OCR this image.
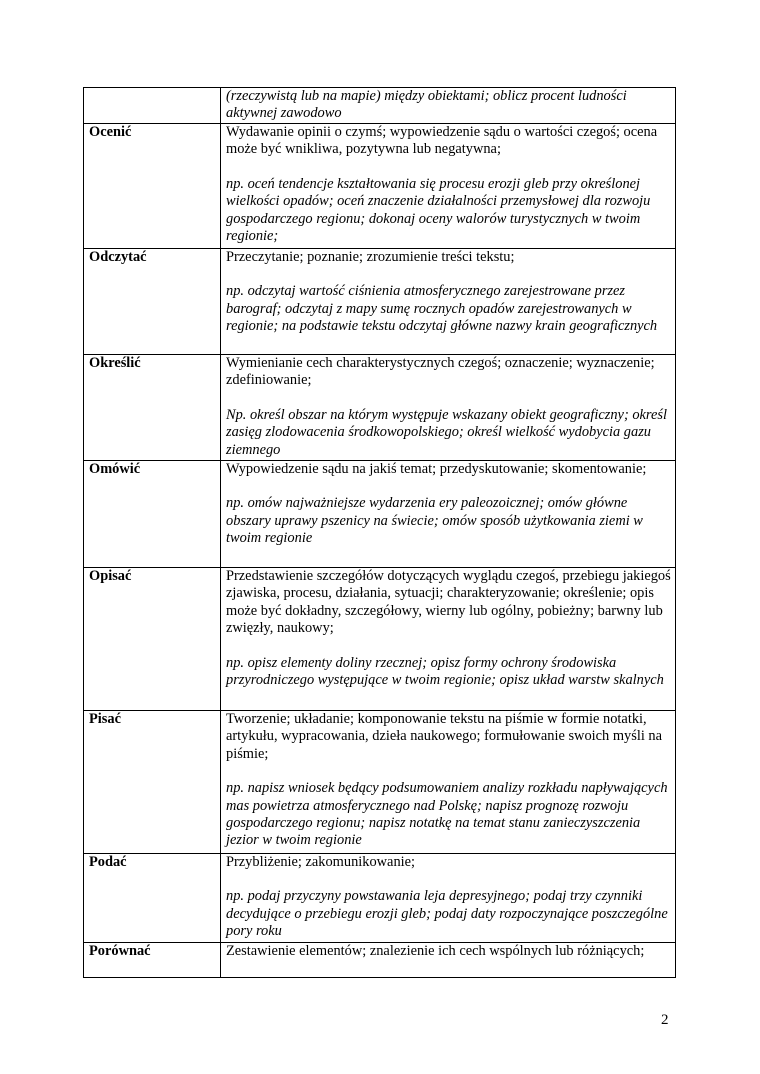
	(rzeczywistą lub na mapie) między obiektami; oblicz procent ludności aktywnej zawodowo

Ocenić	Wydawanie opinii o czymś; wypowiedzenie sądu o wartości czegoś; ocena może być wnikliwa, pozytywna lub negatywna;
np. oceń tendencje kształtowania się procesu erozji gleb przy określonej wielkości opadów; oceń znaczenie działalności przemysłowej dla rozwoju gospodarczego regionu; dokonaj oceny walorów turystycznych w twoim regionie;

Odczytać	Przeczytanie; poznanie; zrozumienie treści tekstu;
np. odczytaj wartość ciśnienia atmosferycznego zarejestrowane przez barograf; odczytaj z mapy sumę rocznych opadów zarejestrowanych w regionie; na podstawie tekstu odczytaj główne nazwy krain geograficznych

Określić	Wymienianie cech charakterystycznych czegoś; oznaczenie; wyznaczenie; zdefiniowanie;
Np. określ obszar na którym występuje wskazany obiekt geograficzny; określ zasięg zlodowacenia środkowopolskiego; określ wielkość wydobycia gazu ziemnego

Omówić	Wypowiedzenie sądu na jakiś temat; przedyskutowanie; skomentowanie;
np. omów najważniejsze wydarzenia ery paleozoicznej; omów główne obszary uprawy pszenicy na świecie; omów sposób użytkowania ziemi w twoim regionie

Opisać	Przedstawienie szczegółów dotyczących wyglądu czegoś, przebiegu jakiegoś zjawiska, procesu, działania, sytuacji; charakteryzowanie; określenie; opis może być dokładny, szczegółowy, wierny lub ogólny, pobieżny; barwny lub zwięzły, naukowy;
np. opisz elementy doliny rzecznej; opisz formy ochrony środowiska przyrodniczego występujące w twoim regionie; opisz układ warstw skalnych

Pisać	Tworzenie; układanie; komponowanie tekstu na piśmie w formie notatki, artykułu, wypracowania, dzieła naukowego; formułowanie swoich myśli na piśmie;
np. napisz wniosek będący podsumowaniem analizy rozkładu napływających mas powietrza atmosferycznego nad Polskę; napisz prognozę rozwoju gospodarczego regionu; napisz notatkę na temat stanu zanieczyszczenia jezior w twoim regionie

Podać	Przybliżenie; zakomunikowanie;
np. podaj przyczyny powstawania leja depresyjnego; podaj trzy czynniki decydujące o przebiegu erozji gleb; podaj daty rozpoczynające poszczególne pory roku

Porównać	Zestawienie elementów; znalezienie ich cech wspólnych lub różniących;
2
